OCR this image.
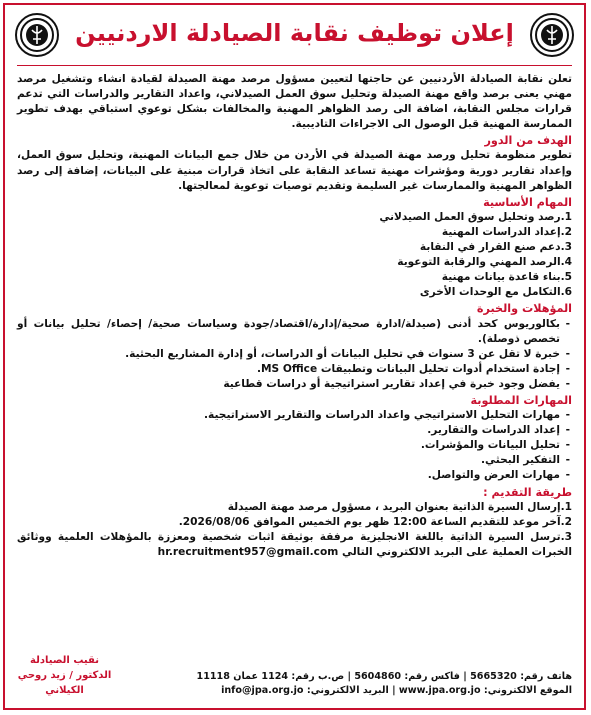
إعلان توظيف نقابة الصيادلة الاردنيين

تعلن نقابة الصيادلة الأردنيين عن حاجتها لتعيين مسؤول مرصد مهنة الصيدلة لقيادة انشاء وتشغيل مرصد مهني يعنى برصد واقع مهنة الصيدلة وتحليل سوق العمل الصيدلاني، واعداد التقارير والدراسات التي تدعم قرارات مجلس النقابة، اضافة الى رصد الظواهر المهنية والمخالفات بشكل توعوي استباقي بهدف تطوير الممارسة المهنية قبل الوصول الى الاجراءات التاديبية.

الهدف من الدور

تطوير منظومة تحليل ورصد مهنة الصيدلة في الأردن من خلال جمع البيانات المهنية، وتحليل سوق العمل، وإعداد تقارير دورية ومؤشرات مهنية تساعد النقابة على اتخاذ قرارات مبنية على البيانات، إضافة إلى رصد الظواهر المهنية والممارسات غير السليمة وتقديم توصيات توعوية لمعالجتها.

المهام الأساسية
1.رصد وتحليل سوق العمل الصيدلاني
2.إعداد الدراسات المهنية
3.دعم صنع القرار في النقابة
4.الرصد المهني والرقابة التوعوية
5.بناء قاعدة بيانات مهنية
6.التكامل مع الوحدات الأخرى
المؤهلات والخبرة
- بكالوريوس كحد أدنى (صيدلة/ادارة صحية/إدارة/اقتصاد/جودة وسياسات صحية/ إحصاء/ تحليل بيانات أو تخصص ذوصلة).
- خبرة لا تقل عن 3 سنوات في تحليل البيانات أو الدراسات، أو إدارة المشاريع البحثية.
- إجادة استخدام أدوات تحليل البيانات وتطبيقات MS Office.
- يفضل وجود خبرة في إعداد تقارير استراتيجية أو دراسات قطاعية
المهارات المطلوبة
- مهارات التحليل الاستراتيجي واعداد الدراسات والتقارير الاستراتيجية.
- إعداد الدراسات والتقارير.
- تحليل البيانات والمؤشرات.
- التفكير البحثي.
- مهارات العرض والتواصل.
طريقة التقديم :
1.إرسال السيرة الذاتية بعنوان البريد ، مسؤول مرصد مهنة الصيدلة
2.آخر موعد للتقديم الساعة 12:00 ظهر يوم الخميس الموافق 2026/08/06.
3.ترسل السيرة الذاتية باللغة الانجليزية مرفقة بوثيقة اثبات شخصية ومعززة بالمؤهلات العلمية ووثائق الخبرات العملية على البريد الالكتروني التالي hr.recruitment957@gmail.com
هاتف رقم: 5665320 | فاكس رقم: 5604860 | ص.ب رقم: 1124 عمان 11118
الموقع الالكتروني: www.jpa.org.jo | البريد الالكتروني: info@jpa.org.jo
نقيب الصيادلة
الدكتور / زيد روحي الكيلاني
